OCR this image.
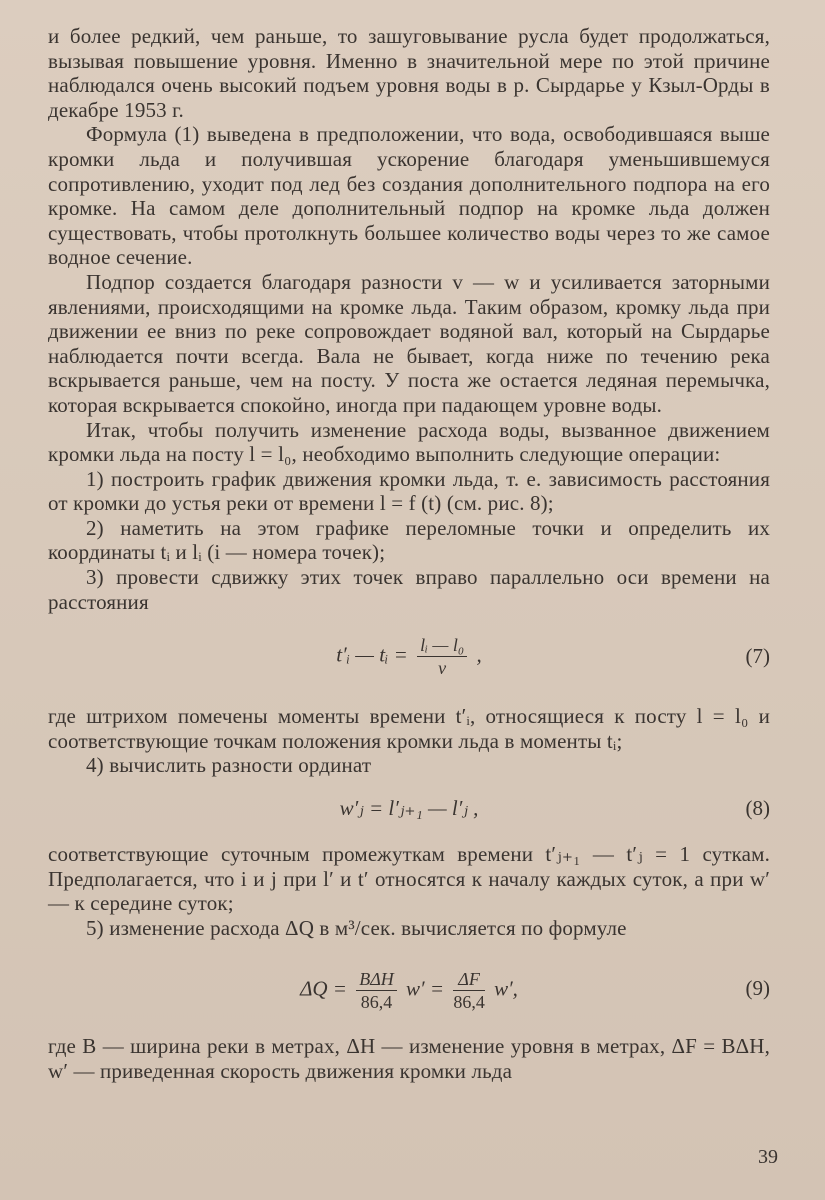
и более редкий, чем раньше, то зашуговывание русла будет продолжаться, вызывая повышение уровня. Именно в значительной мере по этой причине наблюдался очень высокий подъем уровня воды в р. Сырдарье у Кзыл-Орды в декабре 1953 г.

Формула (1) выведена в предположении, что вода, освободившаяся выше кромки льда и получившая ускорение благодаря уменьшившемуся сопротивлению, уходит под лед без создания дополнительного подпора на его кромке. На самом деле дополнительный подпор на кромке льда должен существовать, чтобы протолкнуть большее количество воды через то же самое водное сечение.

Подпор создается благодаря разности v — w и усиливается заторными явлениями, происходящими на кромке льда. Таким образом, кромку льда при движении ее вниз по реке сопровождает водяной вал, который на Сырдарье наблюдается почти всегда. Вала не бывает, когда ниже по течению река вскрывается раньше, чем на посту. У поста же остается ледяная перемычка, которая вскрывается спокойно, иногда при падающем уровне воды.

Итак, чтобы получить изменение расхода воды, вызванное движением кромки льда на посту l = l₀, необходимо выполнить следующие операции:

1) построить график движения кромки льда, т. е. зависимость расстояния от кромки до устья реки от времени l = f (t) (см. рис. 8);

2) наметить на этом графике переломные точки и определить их координаты tᵢ и lᵢ (i — номера точек);

3) провести сдвижку этих точек вправо параллельно оси времени на расстояния

t′ᵢ — tᵢ = $\frac{\text{lᵢ — l₀}}{v}$ ,	(7)

где штрихом помечены моменты времени t′ᵢ, относящиеся к посту l = l₀ и соответствующие точкам положения кромки льда в моменты tᵢ;

4) вычислить разности ординат

w′ⱼ = l′ⱼ₊₁ — l′ⱼ ,	(8)

соответствующие суточным промежуткам времени t′ⱼ₊₁ — t′ⱼ = 1 суткам. Предполагается, что i и j при l′ и t′ относятся к началу каждых суток, а при w′ — к середине суток;

5) изменение расхода ΔQ в м³/сек. вычисляется по формуле

$\Delta Q = \frac{\text{BΔH}}{86,4} w' = \frac{\Delta F}{86,4} w'$,	(9)

где B — ширина реки в метрах, ΔH — изменение уровня в метрах, ΔF = BΔH, w′ — приведенная скорость движения кромки льда

39
